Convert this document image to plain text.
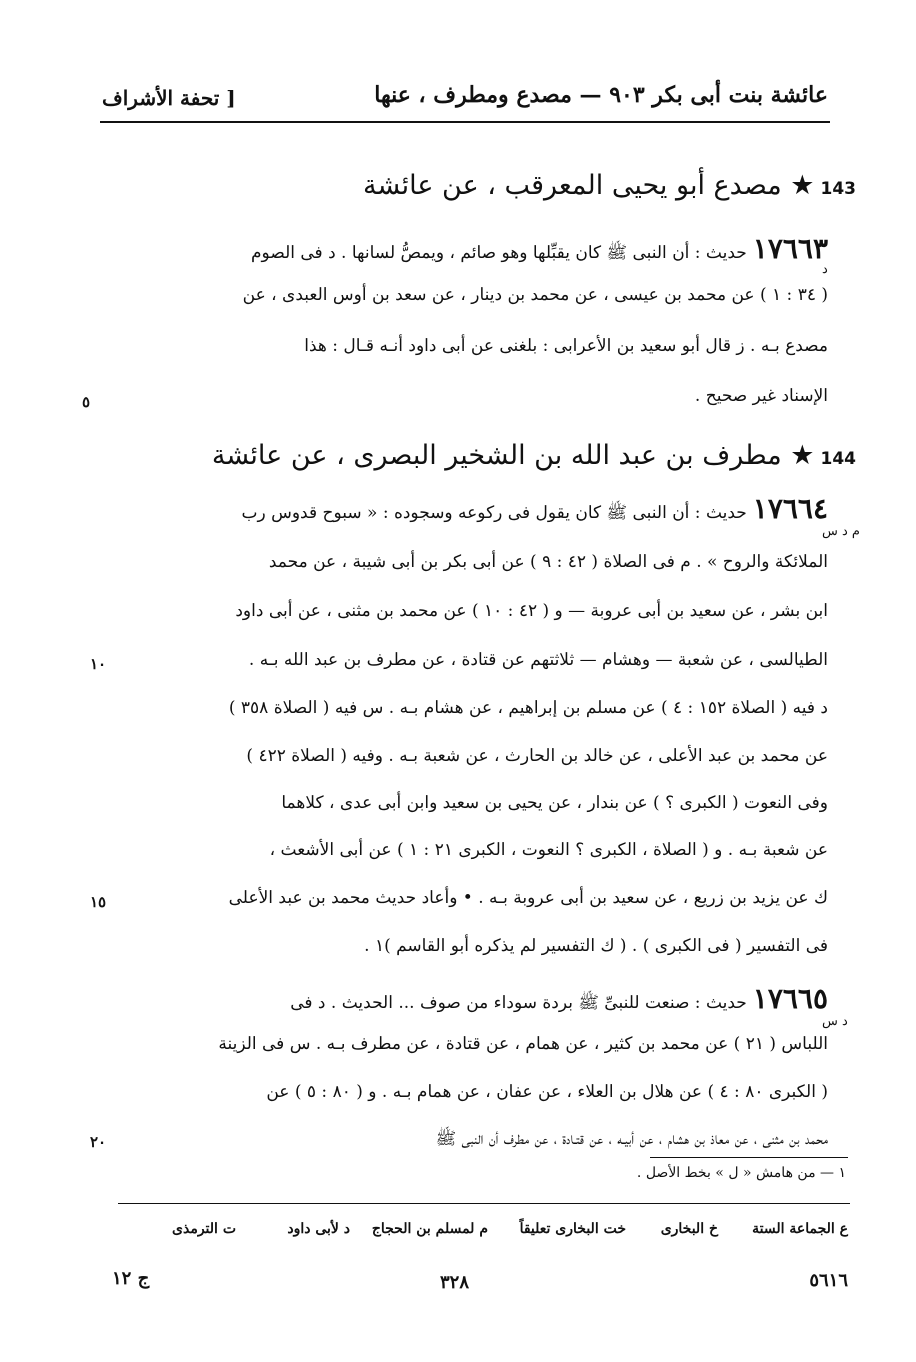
عائشة بنت أبى بكر ٩٠٣ — مصدع ومطرف ، عنها
[ تحفة الأشراف
143★ مصدع أبو يحيى المعرقب ، عن عائشة
١٧٦٦٣حديث : أن النبى ﷺ كان يقبِّلها وهو صائم ، ويمصُّ لسانها . د فى الصوم
د
( ٣٤ : ١ ) عن محمد بن عيسى ، عن محمد بن دينار ، عن سعد بن أوس العبدى ، عن
مصدع بـه . ز قال أبو سعيد بن الأعرابى : بلغنى عن أبى داود أنـه قـال : هذا
الإسناد غير صحيح .
٥
144★ مطرف بن عبد الله بن الشخير البصرى ، عن عائشة
١٧٦٦٤حديث : أن النبى ﷺ كان يقول فى ركوعه وسجوده : « سبوح قدوس رب
م د س
الملائكة والروح » . م فى الصلاة ( ٤٢ : ٩ ) عن أبى بكر بن أبى شيبة ، عن محمد
ابن بشر ، عن سعيد بن أبى عروبة — و ( ٤٢ : ١٠ ) عن محمد بن مثنى ، عن أبى داود
الطيالسى ، عن شعبة — وهشام — ثلاثتهم عن قتادة ، عن مطرف بن عبد الله بـه .
١٠
د فيه ( الصلاة ١٥٢ : ٤ ) عن مسلم بن إبراهيم ، عن هشام بـه . س فيه ( الصلاة ٣٥٨ )
عن محمد بن عبد الأعلى ، عن خالد بن الحارث ، عن شعبة بـه . وفيه ( الصلاة ٤٢٢ )
وفى النعوت ( الكبرى ؟ ) عن بندار ، عن يحيى بن سعيد وابن أبى عدى ، كلاهما
عن شعبة بـه . و ( الصلاة ، الكبرى ؟ النعوت ، الكبرى ٢١ : ١ ) عن أبى الأشعث ،
ك عن يزيد بن زريع ، عن سعيد بن أبى عروبة بـه . • وأعاد حديث محمد بن عبد الأعلى
١٥
فى التفسير ( فى الكبرى ) . ( ك التفسير لم يذكره أبو القاسم )١ .
١٧٦٦٥حديث : صنعت للنبىِّ ﷺ بردة سوداء من صوف ... الحديث . د فى
د س
اللباس ( ٢١ ) عن محمد بن كثير ، عن همام ، عن قتادة ، عن مطرف بـه . س فى الزينة
( الكبرى ٨٠ : ٤ ) عن هلال بن العلاء ، عن عفان ، عن همام بـه . و ( ٨٠ : ٥ ) عن
محمد بن مثنى ، عن معاذ بن هشام ، عن أبيـه ، عن قتـادة ، عن مطرف أن النبى ﷺ
٢٠
١ — من هامش « ل » بخط الأصل .
ع الجماعة الستة
خ البخارى
خت البخارى تعليقاً
م لمسلم بن الحجاج
د لأبى داود
ت الترمذى
ج ١٢	٣٢٨	٥٦١٦
